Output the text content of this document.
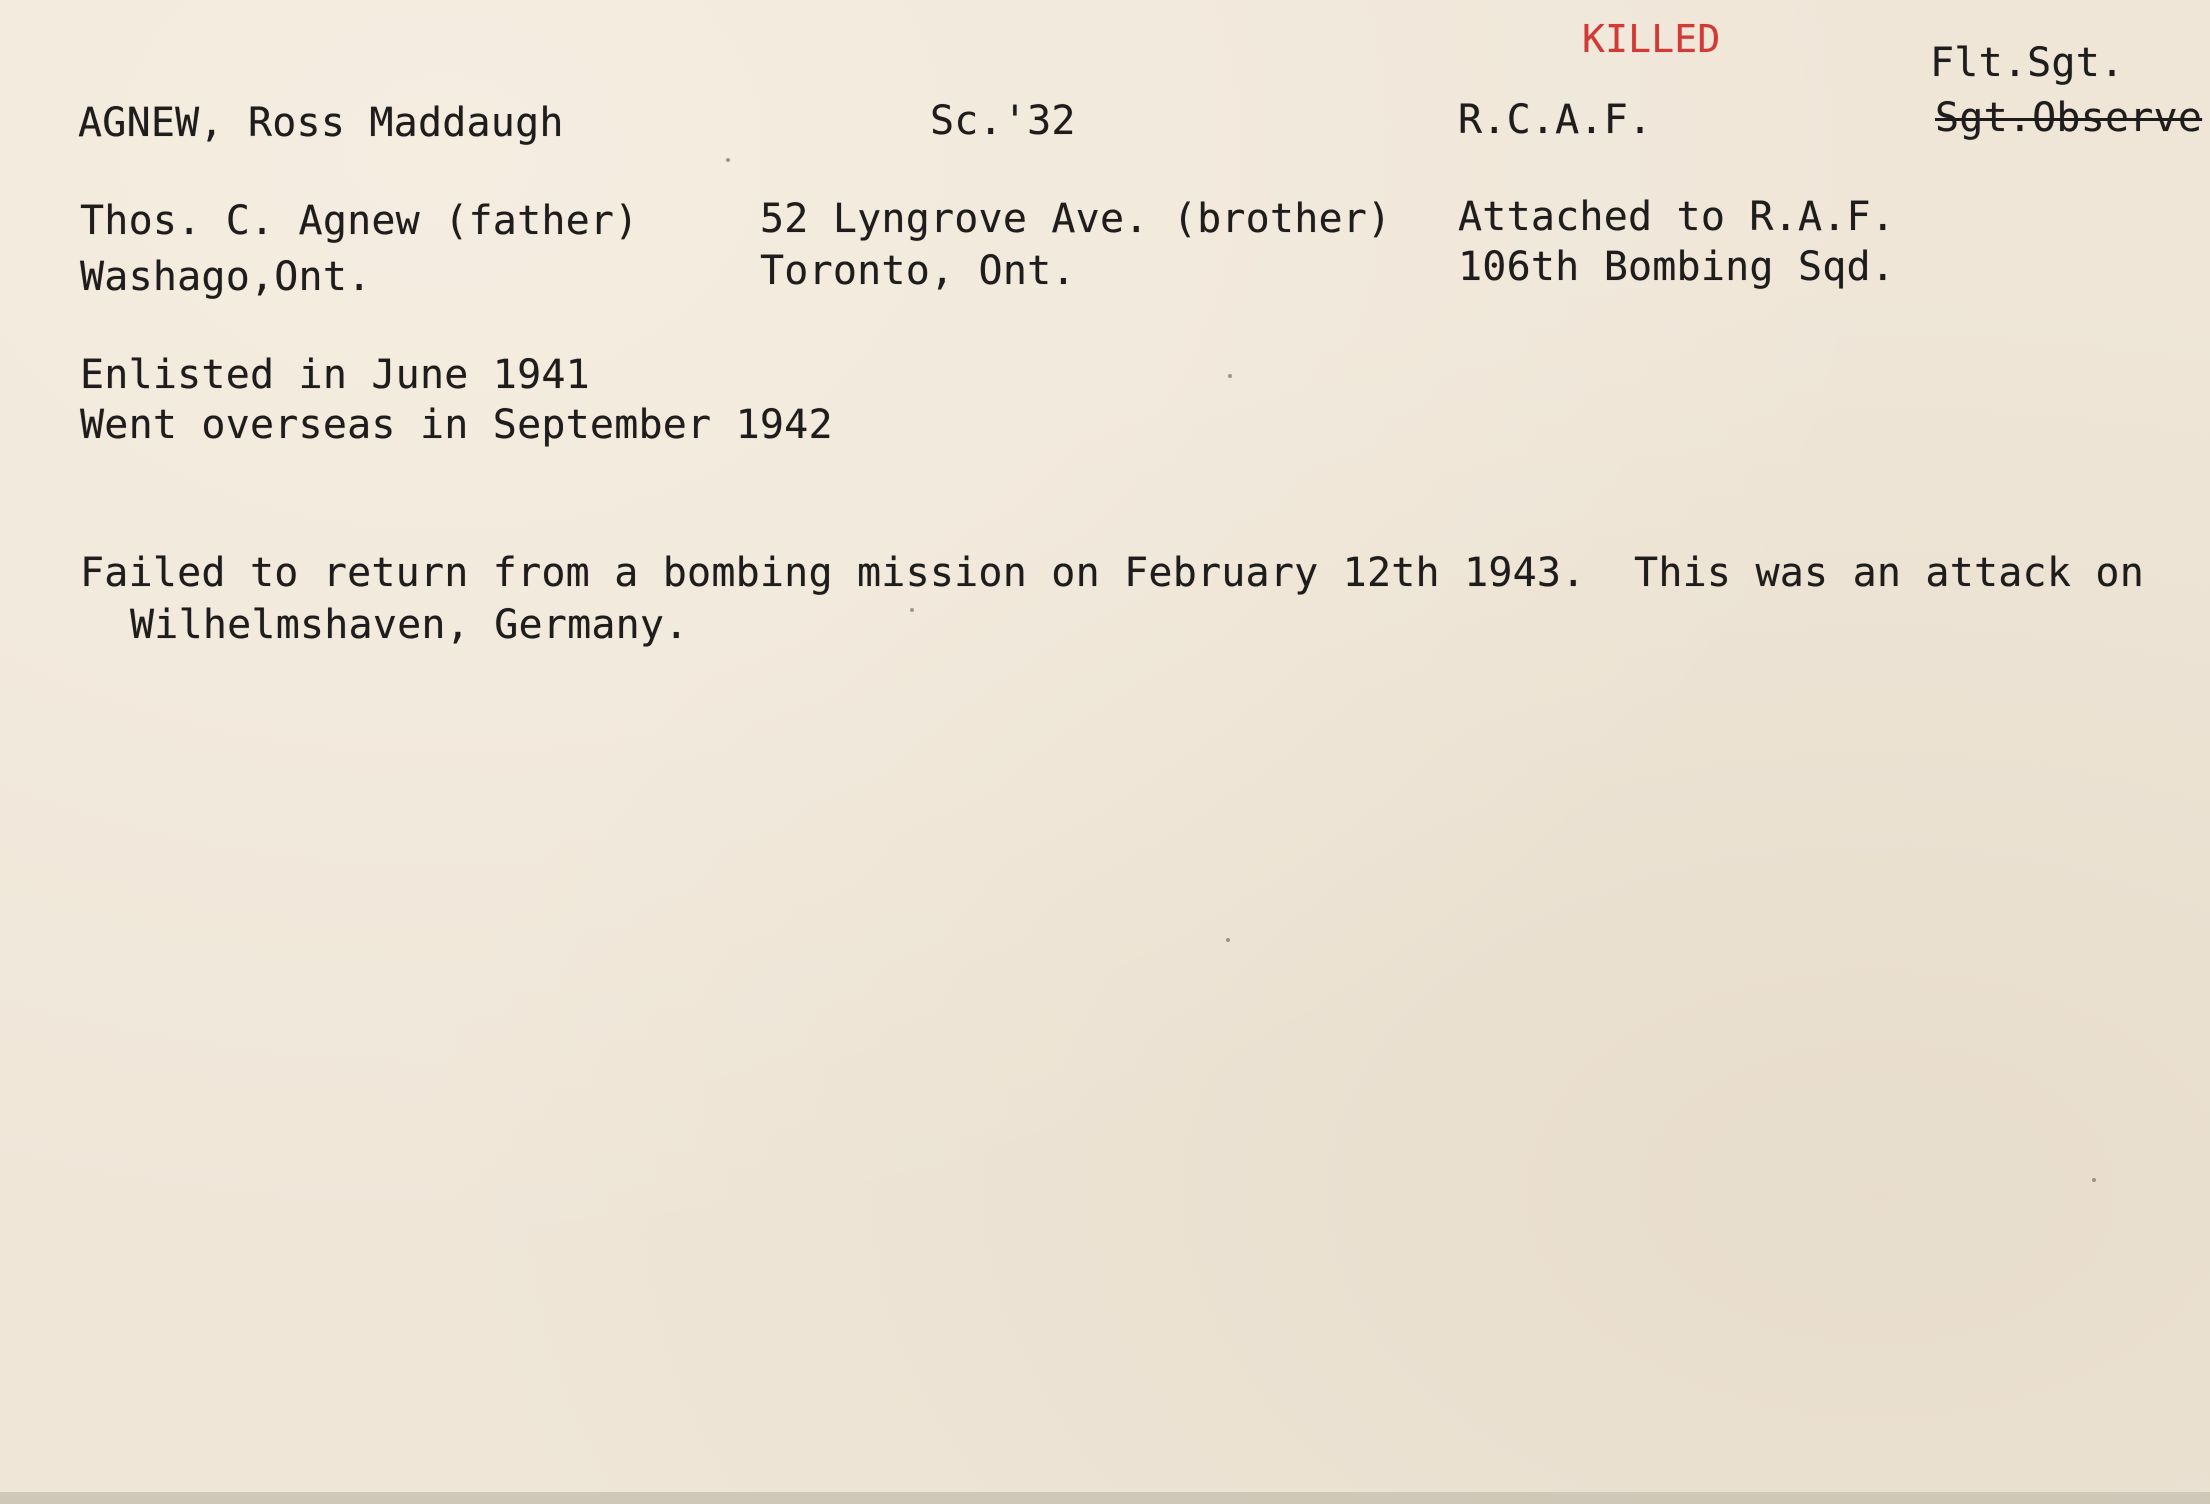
KILLED
Flt.Sgt.
Sgt.Observe
AGNEW, Ross Maddaugh	Sc.'32	R.C.A.F.
Thos. C. Agnew (father)
Washago,Ont.
52 Lyngrove Ave. (brother)
Toronto, Ont.
Attached to R.A.F.
106th Bombing Sqd.
Enlisted in June 1941
Went overseas in September 1942
Failed to return from a bombing mission on February 12th 1943.  This was an attack on
Wilhelmshaven, Germany.
